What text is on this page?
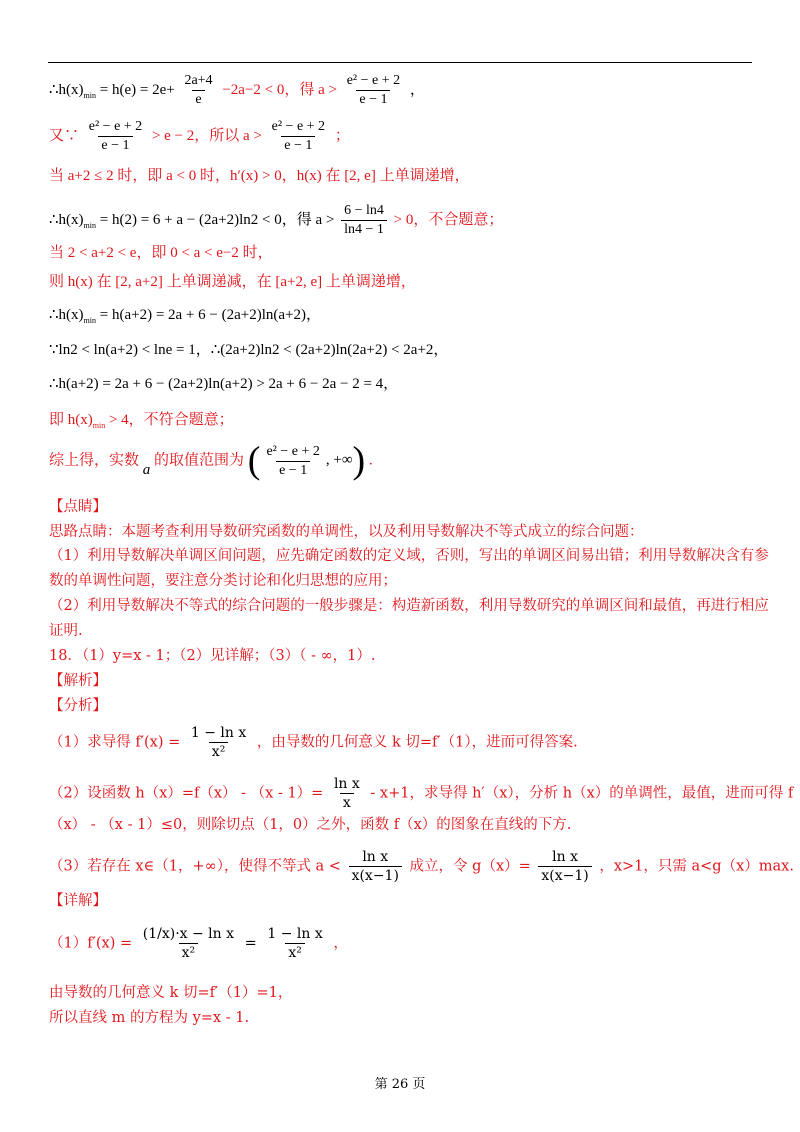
$\therefore h(x)_{min} = h(e) = 2e+ \frac{2a+4}{e} -2a-2 < 0$，得 $a > \frac{\text{e² − e + 2}}{e - 1}$ ，
又∵ $\frac{\text{e² − e + 2}}{e - 1} > e - 2$，所以 $a > \frac{\text{e² − e + 2}}{e - 1}$ ；
当 a+2 ≤ 2 时，即 a < 0 时，h′(x) > 0，h(x) 在 [2, e] 上单调递增，
$\therefore h(x)_{min} = h(2) = 6 + a - (2a+2)\ln 2 < 0$，得 $a > \frac{6 - \ln 4}{\ln 4 - 1} > 0$，不合题意；
当 2 < a+2 < e，即 0 < a < e−2 时，
则 h(x) 在 [2, a+2] 上单调递减，在 [a+2, e] 上单调递增，
$\therefore h(x)_{min} = h(a+2) = 2a + 6 - (2a+2)\ln(a+2)$，
∵ln2 < ln(a+2) < lne = 1，∴(2a+2)ln2 < (2a+2)ln(2a+2) < 2a+2，
∴h(a+2) = 2a + 6 − (2a+2)ln(a+2) > 2a + 6 − 2a − 2 = 4，
即 $h(x)_{min} > 4$，不符合题意；
综上得，实数 a 的取值范围为 ( $\frac{\text{e² − e + 2}}{e - 1}$ , +∞) .
【点睛】
思路点睛：本题考查利用导数研究函数的单调性，以及利用导数解决不等式成立的综合问题：
（1）利用导数解决单调区间问题，应先确定函数的定义域，否则，写出的单调区间易出错；利用导数解决含有参
数的单调性问题，要注意分类讨论和化归思想的应用；
（2）利用导数解决不等式的综合问题的一般步骤是：构造新函数，利用导数研究的单调区间和最值，再进行相应
证明.
18．（1）y=x - 1；（2）见详解；（3）（ - ∞，1）.
【解析】
【分析】
（1）求导得 $f'(x) = \frac{\text{1 − ln x}}{\text{x²}}$ ，由导数的几何意义 k 切=f′（1），进而可得答案.
（2）设函数 $h(x)=f(x) - (x - 1)= \frac{\text{ln x}}{x} - x+1$，求导得 h′（x），分析 h（x）的单调性，最值，进而可得 f
（x） - （x - 1）≤0，则除切点（1，0）之外，函数 f（x）的图象在直线的下方.
（3）若存在 x∈（1，+∞），使得不等式 $a < \frac{\text{ln x}}{x(x-1)}$ 成立，令 $g(x)= \frac{\text{ln x}}{x(x-1)}$ ，x>1，只需 a<g（x）max.
【详解】
$(1)f'(x) = \frac{\text{(1/x)·x − ln x}}{\text{x²}} = \frac{\text{1 − ln x}}{\text{x²}}$ ，
由导数的几何意义 k 切=f′（1）=1，
所以直线 m 的方程为 y=x - 1.
第 26 页
